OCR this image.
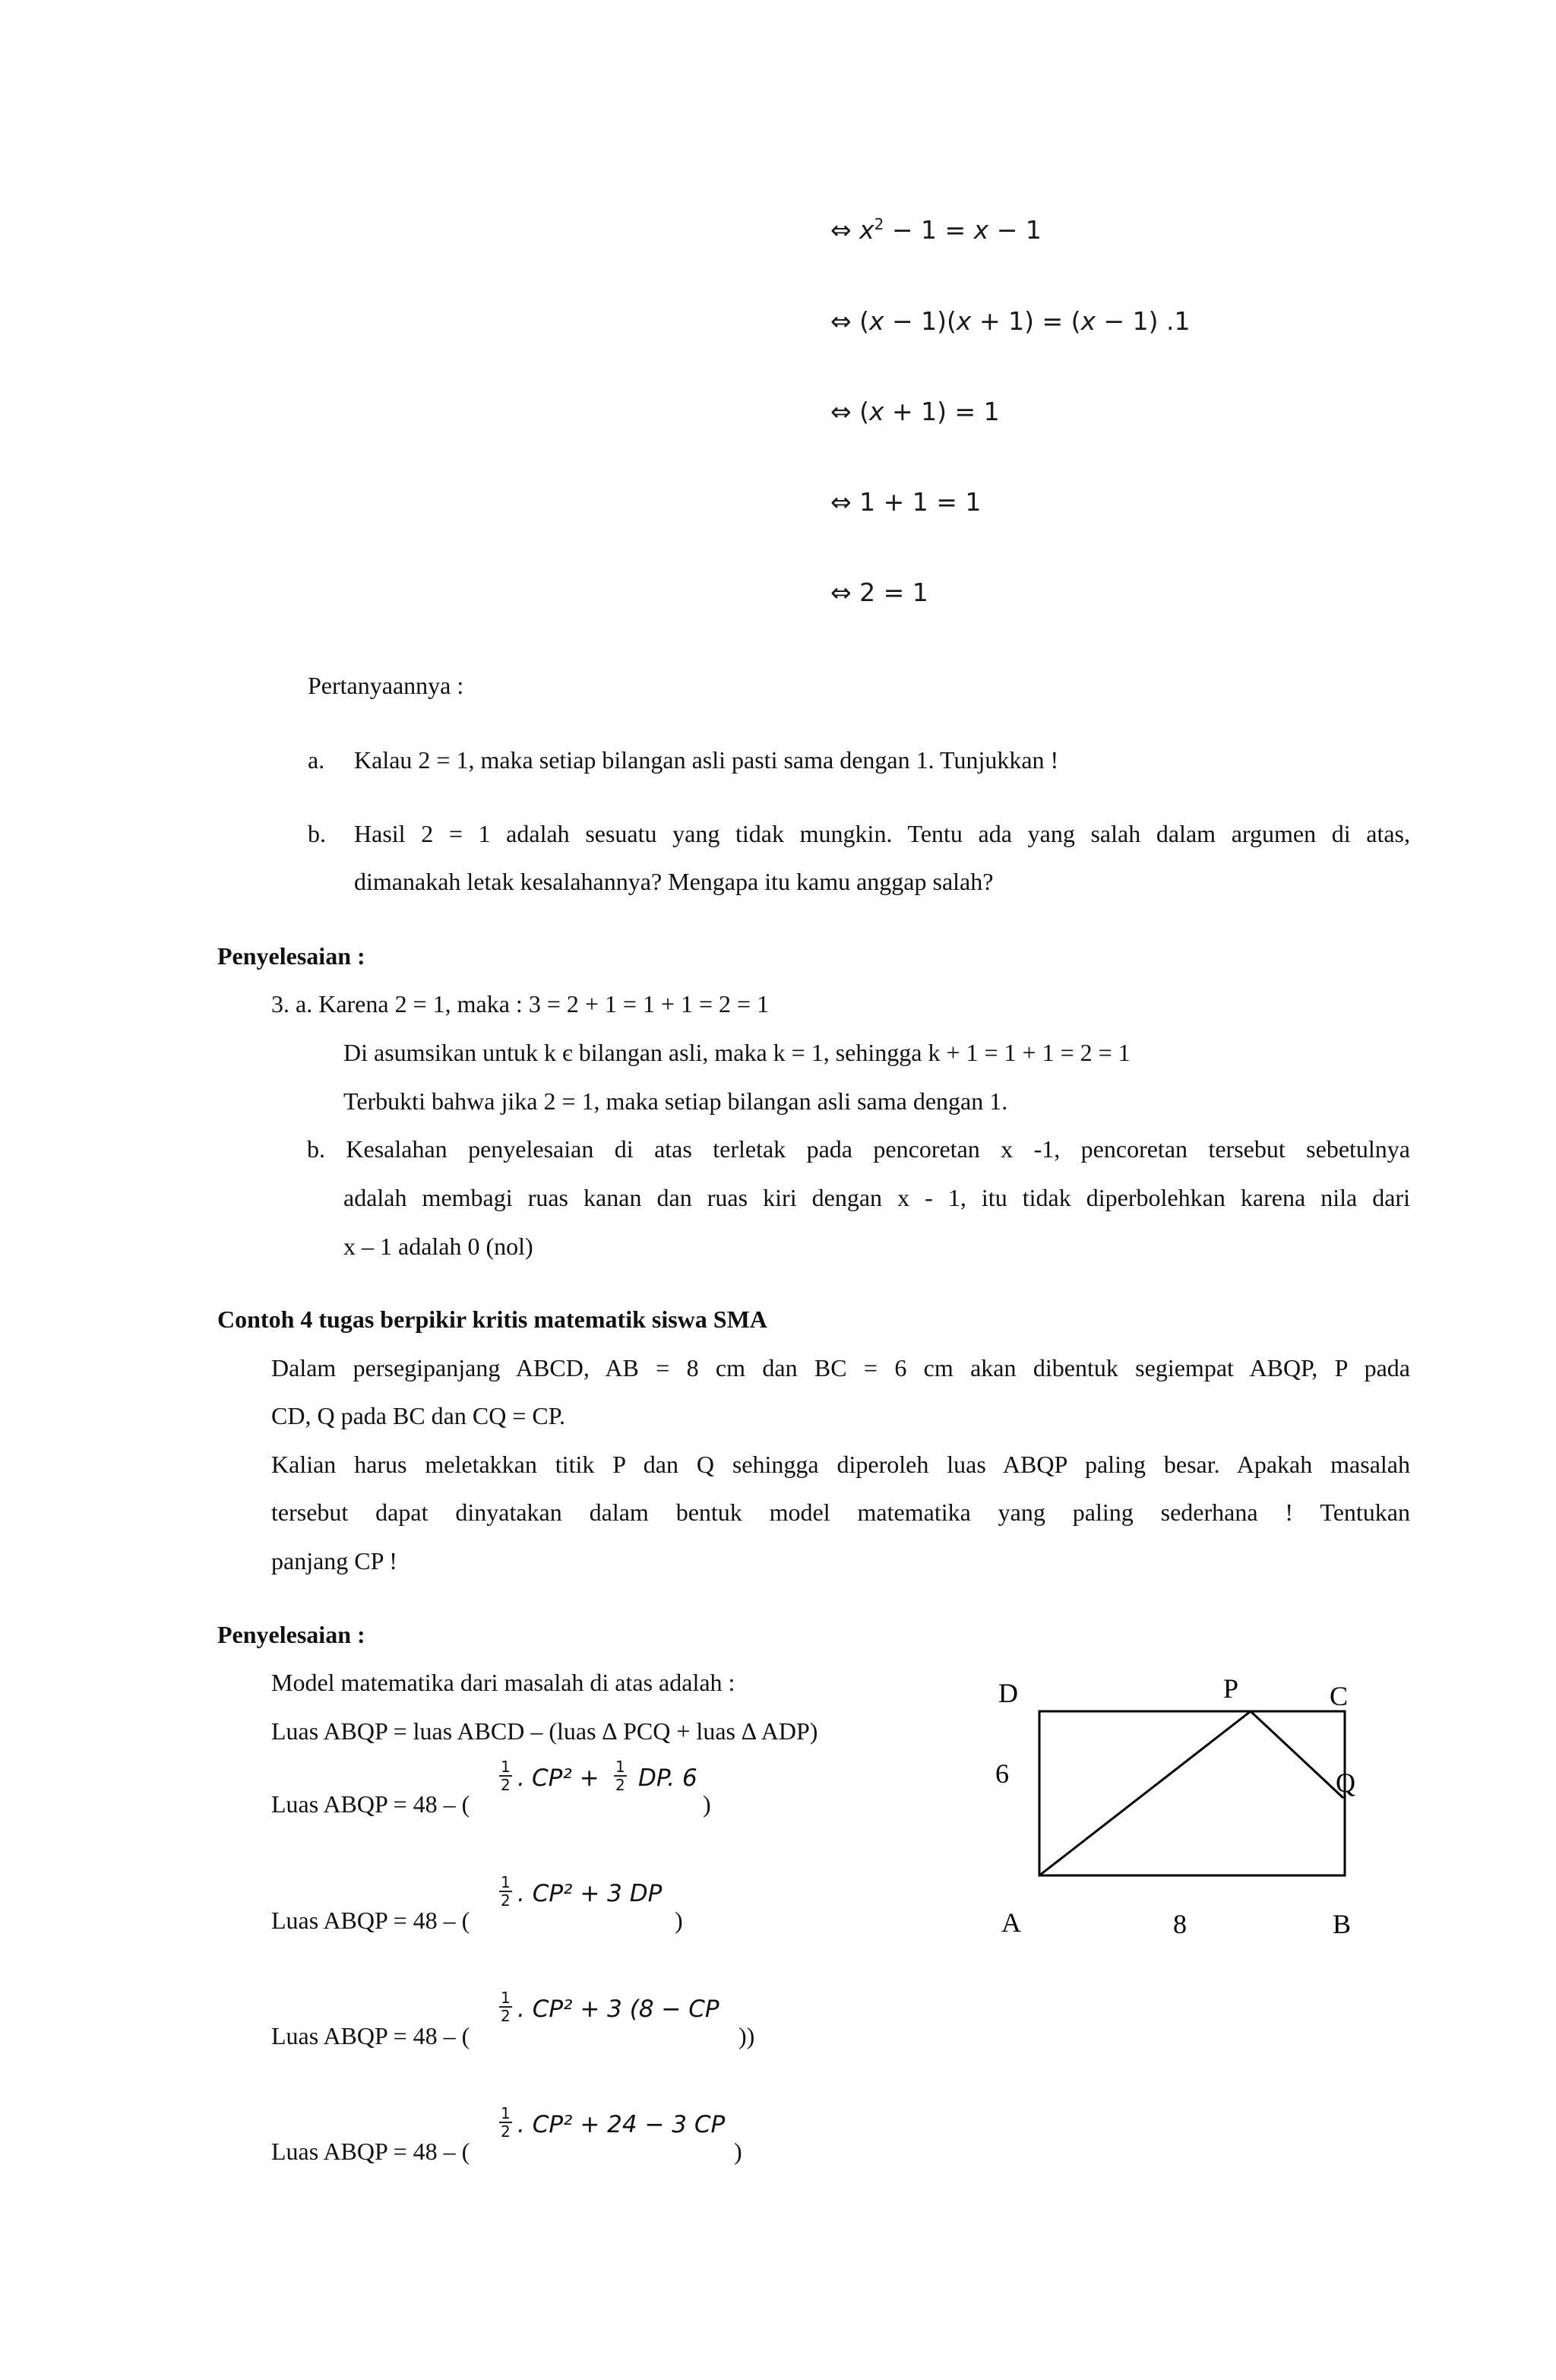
⇔ $x^2 - 1 = x - 1$
⇔ (x − 1)(x + 1) = (x − 1) .1
⇔ (x + 1) = 1
⇔ 1 + 1 = 1
⇔ 2 = 1
Pertanyaannya :
a. Kalau 2 = 1, maka setiap bilangan asli pasti sama dengan 1. Tunjukkan !
b. Hasil 2 = 1 adalah sesuatu yang tidak mungkin. Tentu ada yang salah dalam argumen di atas,
dimanakah letak kesalahannya? Mengapa itu kamu anggap salah?
Penyelesaian :
3. a. Karena 2 = 1, maka : 3 = 2 + 1 = 1 + 1 = 2 = 1
Di asumsikan untuk k є bilangan asli, maka k = 1, sehingga k + 1 = 1 + 1 = 2 = 1
Terbukti bahwa jika 2 = 1, maka setiap bilangan asli sama dengan 1.
b. Kesalahan penyelesaian di atas terletak pada pencoretan x -1, pencoretan tersebut sebetulnya
adalah membagi ruas kanan dan ruas kiri dengan x - 1, itu tidak diperbolehkan karena nila dari
x – 1 adalah 0 (nol)
Contoh 4 tugas berpikir kritis matematik siswa SMA
Dalam persegipanjang ABCD, AB = 8 cm dan BC = 6 cm akan dibentuk segiempat ABQP, P pada
CD, Q pada BC dan CQ = CP.
Kalian harus meletakkan titik P dan Q sehingga diperoleh luas ABQP paling besar. Apakah masalah
tersebut dapat dinyatakan dalam bentuk model matematika yang paling sederhana ! Tentukan
panjang CP !
Penyelesaian :
Model matematika dari masalah di atas adalah :
Luas ABQP = luas ABCD – (luas ∆ PCQ + luas ∆ ADP)
Luas ABQP = 48 – (
$\frac{1}{2}$ . $CP^2 + \frac{1}{2}$ DP. 6
)
Luas ABQP = 48 – (
$\frac{1}{2}$ . CP² + 3 DP
)
Luas ABQP = 48 – (
$\frac{1}{2}$ . CP² + 3 (8 − CP
))
Luas ABQP = 48 – (
$\frac{1}{2}$ . CP² + 24 − 3 CP
)
D	P	C
Q
6
A	8	B
